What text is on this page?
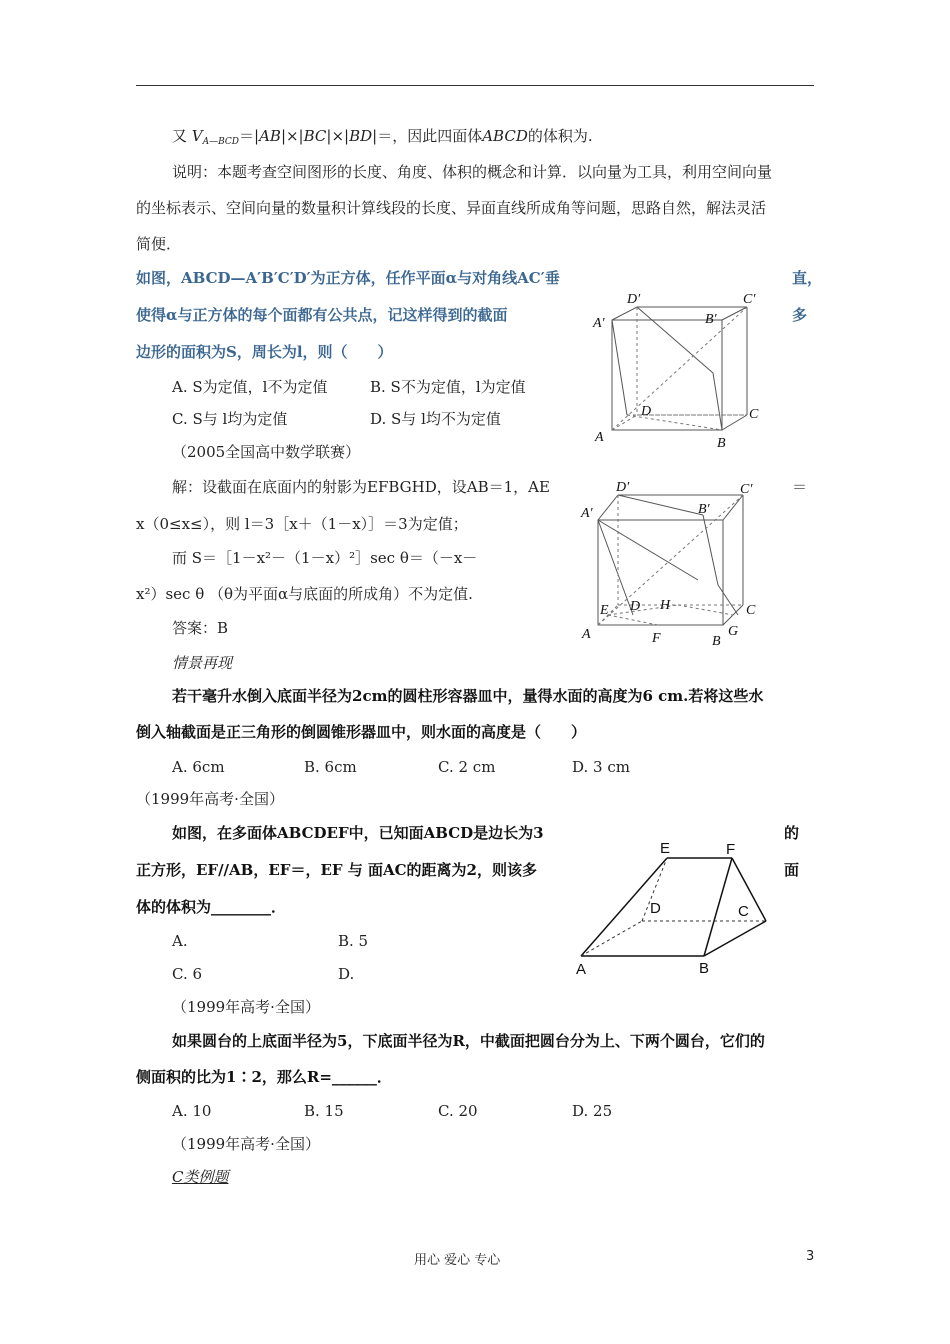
又 $V_{A—BCD}=|AB|\times|BC|\times|BD|=$，因此四面体ABCD的体积为.
说明：本题考查空间图形的长度、角度、体积的概念和计算．以向量为工具，利用空间向量
的坐标表示、空间向量的数量积计算线段的长度、异面直线所成角等问题，思路自然，解法灵活
简便．
如图，ABCD—A′B′C′D′为正方体，任作平面α与对角线AC′垂	直，
使得α与正方体的每个面都有公共点，记这样得到的截面	多
边形的面积为S，周长为l，则（　　）
A. S为定值，l不为定值	B. S不为定值，l为定值
C. S与 l均为定值	D. S与 l均不为定值
（2005全国高中数学联赛）
解：设截面在底面内的射影为EFBGHD，设AB＝1，AE	＝
x（0≤x≤），则 l＝3［x＋（1－x）］＝3为定值；
而 S＝［1－x²－（1－x）²］sec θ＝（－x－
x²）sec θ （θ为平面α与底面的所成角）不为定值.
答案：B
情景再现
若干毫升水倒入底面半径为2cm的圆柱形容器皿中，量得水面的高度为6 cm.若将这些水
倒入轴截面是正三角形的倒圆锥形器皿中，则水面的高度是（　　）
A. 6cm	B. 6cm	C. 2 cm	D. 3 cm
（1999年高考·全国）
如图，在多面体ABCDEF中，已知面ABCD是边长为3	的
正方形，EF//AB，EF＝，EF 与 面AC的距离为2，则该多	面
体的体积为________．
A.	B. 5
C. 6	D.
（1999年高考·全国）
如果圆台的上底面半径为5，下底面半径为R，中截面把圆台分为上、下两个圆台，它们的
侧面积的比为1∶2，那么R=______．
A. 10	B. 15	C. 20	D. 25
（1999年高考·全国）
C类例题
D′	C′
A′	B′
D	C
A	B
D′	C′
A′	B′
E D H	C
A	F	B
G
E	F
D	C
A	B
用心 爱心 专心	3
